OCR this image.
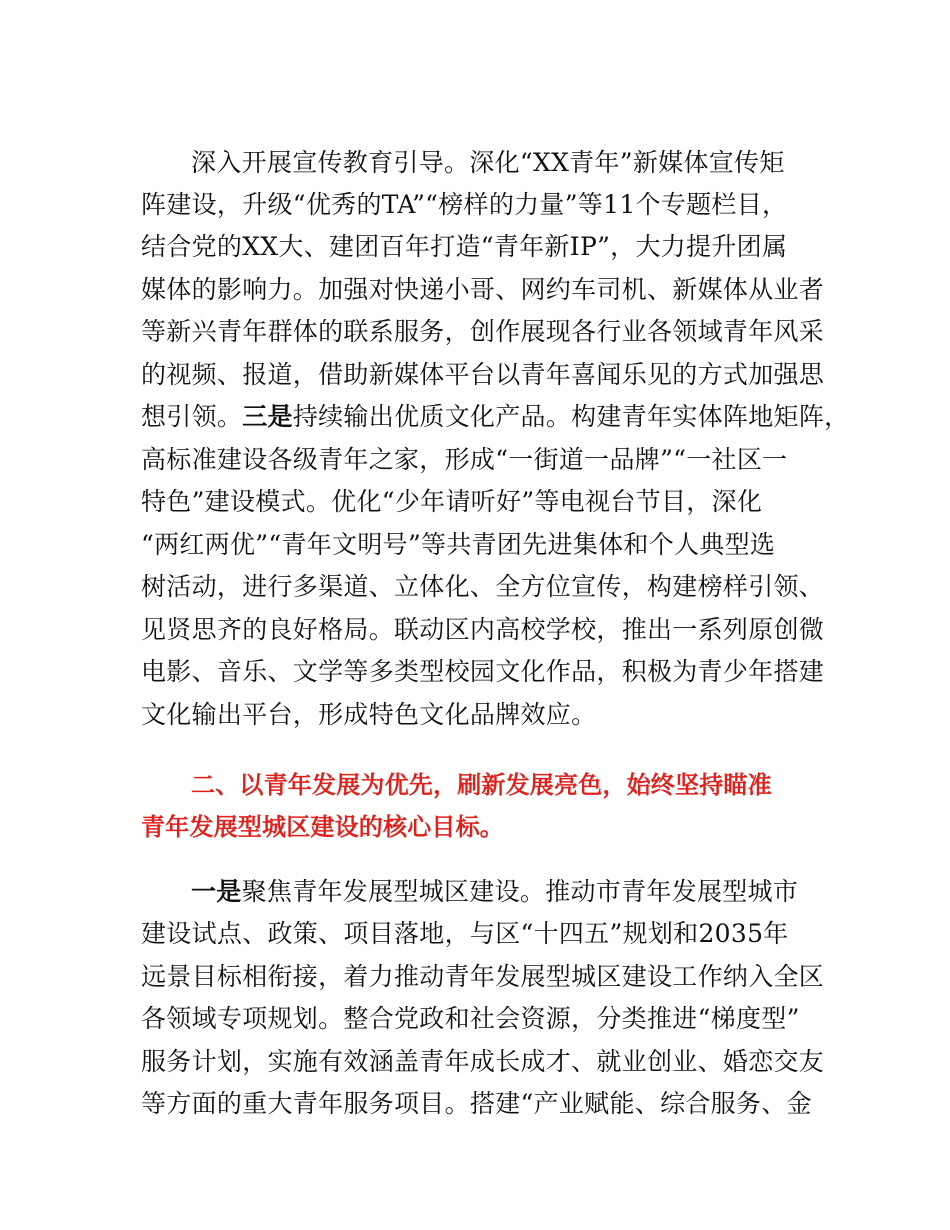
深入开展宣传教育引导。深化“XX青年”新媒体宣传矩
阵建设，升级“优秀的TA”“榜样的力量”等11个专题栏目，
结合党的XX大、建团百年打造“青年新IP”，大力提升团属
媒体的影响力。加强对快递小哥、网约车司机、新媒体从业者
等新兴青年群体的联系服务，创作展现各行业各领域青年风采
的视频、报道，借助新媒体平台以青年喜闻乐见的方式加强思
想引领。三是持续输出优质文化产品。构建青年实体阵地矩阵，
高标准建设各级青年之家，形成“一街道一品牌”“一社区一
特色”建设模式。优化“少年请听好”等电视台节目，深化
“两红两优”“青年文明号”等共青团先进集体和个人典型选
树活动，进行多渠道、立体化、全方位宣传，构建榜样引领、
见贤思齐的良好格局。联动区内高校学校，推出一系列原创微
电影、音乐、文学等多类型校园文化作品，积极为青少年搭建
文化输出平台，形成特色文化品牌效应。
二、以青年发展为优先，刷新发展亮色，始终坚持瞄准
青年发展型城区建设的核心目标。
一是聚焦青年发展型城区建设。推动市青年发展型城市
建设试点、政策、项目落地，与区“十四五”规划和2035年
远景目标相衔接，着力推动青年发展型城区建设工作纳入全区
各领域专项规划。整合党政和社会资源，分类推进“梯度型”
服务计划，实施有效涵盖青年成长成才、就业创业、婚恋交友
等方面的重大青年服务项目。搭建“产业赋能、综合服务、金
